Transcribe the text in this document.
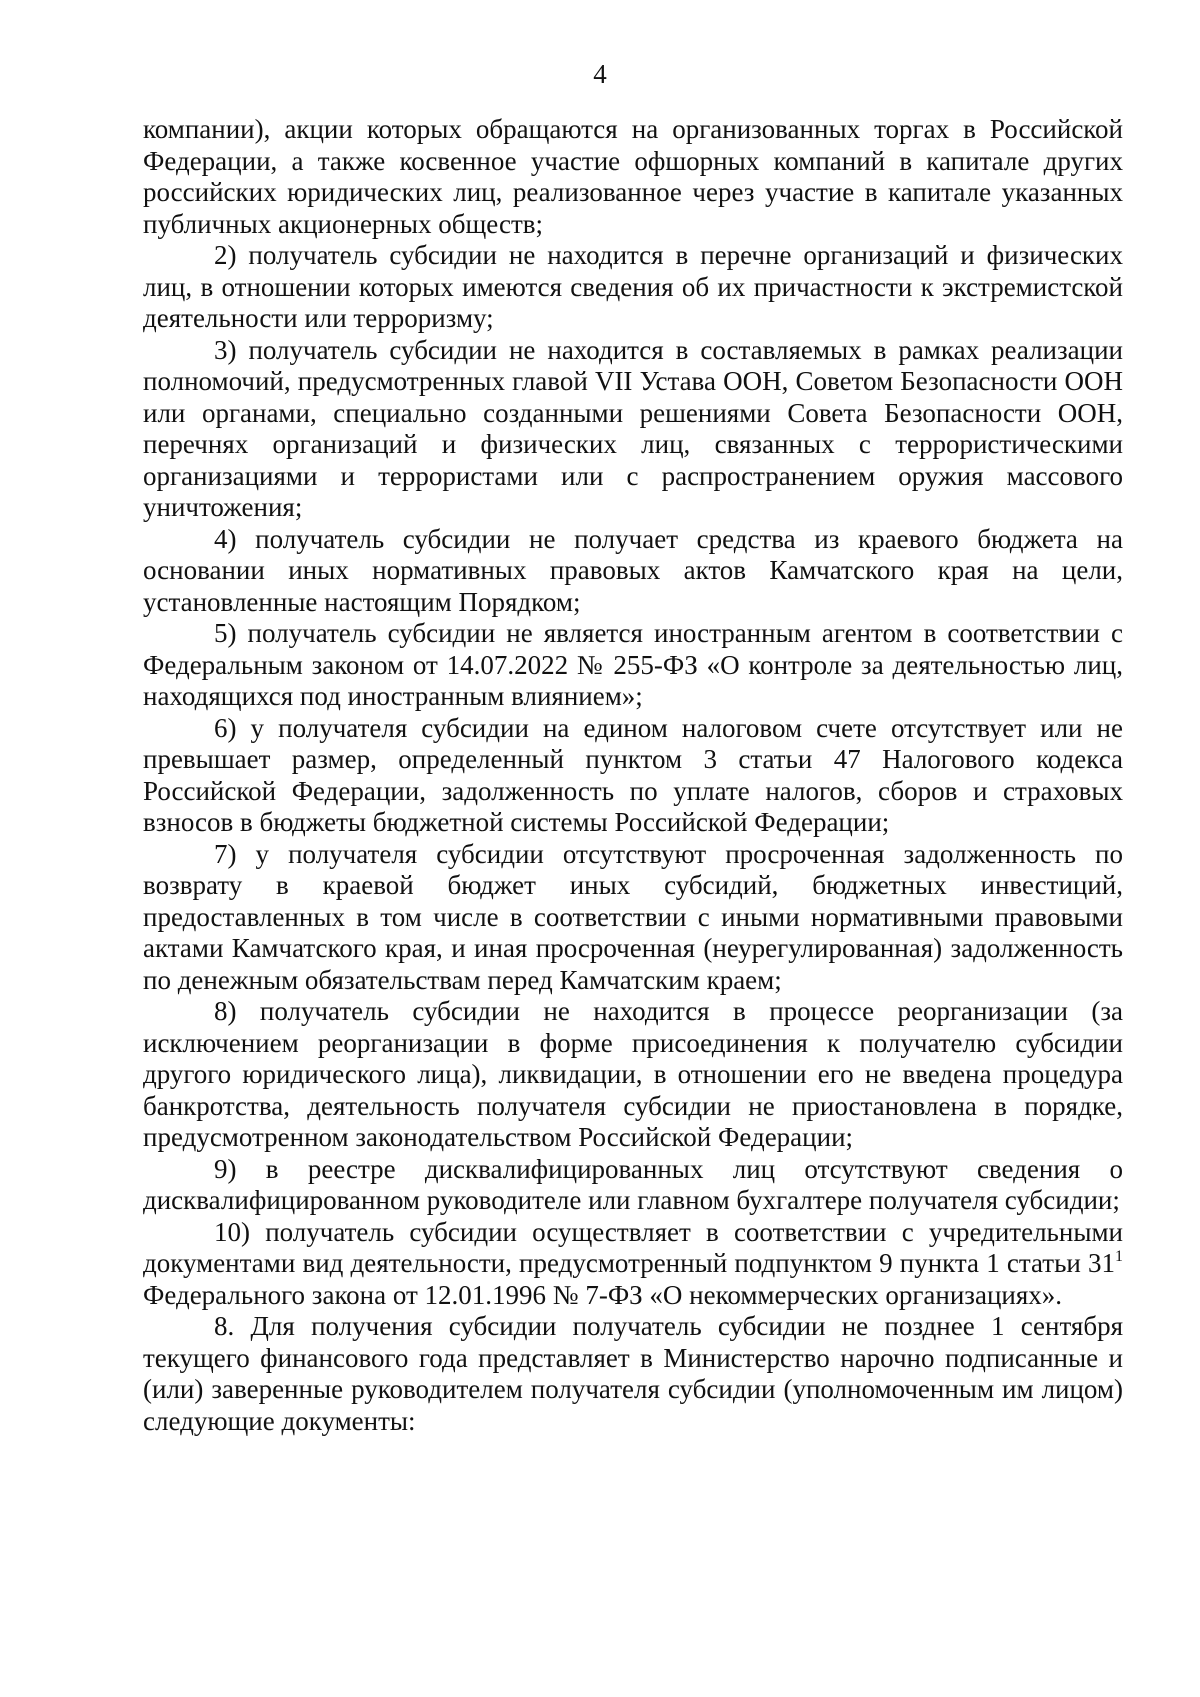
4

компании), акции которых обращаются на организованных торгах в Российской Федерации, а также косвенное участие офшорных компаний в капитале других российских юридических лиц, реализованное через участие в капитале указанных публичных акционерных обществ;

2) получатель субсидии не находится в перечне организаций и физических лиц, в отношении которых имеются сведения об их причастности к экстремистской деятельности или терроризму;

3) получатель субсидии не находится в составляемых в рамках реализации полномочий, предусмотренных главой VII Устава ООН, Советом Безопасности ООН или органами, специально созданными решениями Совета Безопасности ООН, перечнях организаций и физических лиц, связанных с террористическими организациями и террористами или с распространением оружия массового уничтожения;

4) получатель субсидии не получает средства из краевого бюджета на основании иных нормативных правовых актов Камчатского края на цели, установленные настоящим Порядком;

5) получатель субсидии не является иностранным агентом в соответствии с Федеральным законом от 14.07.2022 № 255-ФЗ «О контроле за деятельностью лиц, находящихся под иностранным влиянием»;

6) у получателя субсидии на едином налоговом счете отсутствует или не превышает размер, определенный пунктом 3 статьи 47 Налогового кодекса Российской Федерации, задолженность по уплате налогов, сборов и страховых взносов в бюджеты бюджетной системы Российской Федерации;

7) у получателя субсидии отсутствуют просроченная задолженность по возврату в краевой бюджет иных субсидий, бюджетных инвестиций, предоставленных в том числе в соответствии с иными нормативными правовыми актами Камчатского края, и иная просроченная (неурегулированная) задолженность по денежным обязательствам перед Камчатским краем;

8) получатель субсидии не находится в процессе реорганизации (за исключением реорганизации в форме присоединения к получателю субсидии другого юридического лица), ликвидации, в отношении его не введена процедура банкротства, деятельность получателя субсидии не приостановлена в порядке, предусмотренном законодательством Российской Федерации;

9) в реестре дисквалифицированных лиц отсутствуют сведения о дисквалифицированном руководителе или главном бухгалтере получателя субсидии;

10) получатель субсидии осуществляет в соответствии с учредительными документами вид деятельности, предусмотренный подпунктом 9 пункта 1 статьи $31^1$ Федерального закона от 12.01.1996 № 7-ФЗ «О некоммерческих организациях».

8. Для получения субсидии получатель субсидии не позднее 1 сентября текущего финансового года представляет в Министерство нарочно подписанные и (или) заверенные руководителем получателя субсидии (уполномоченным им лицом) следующие документы:
